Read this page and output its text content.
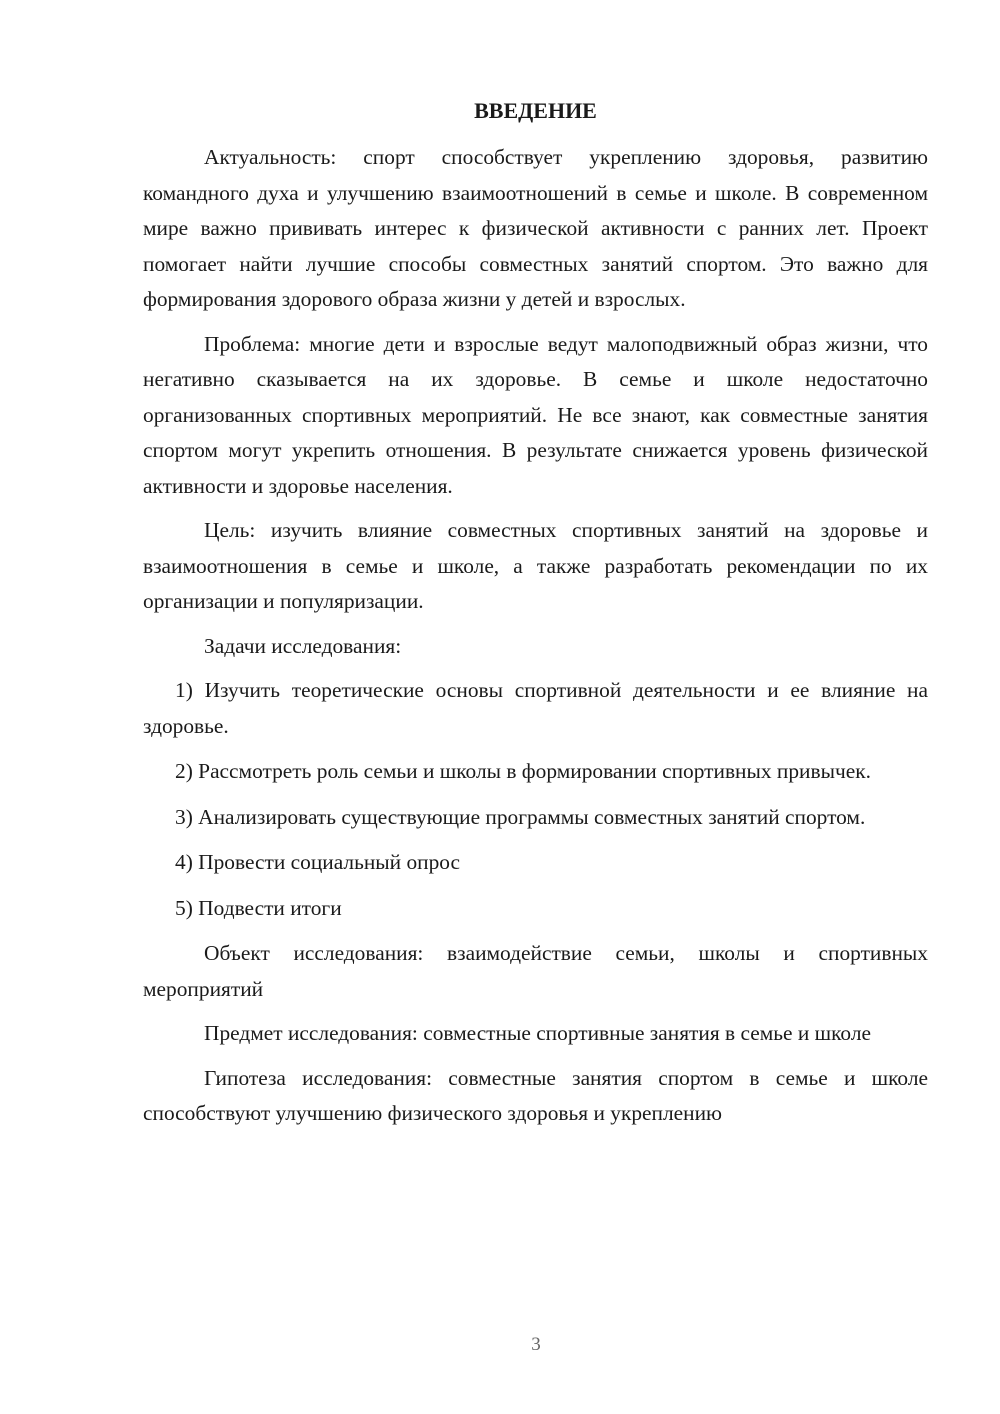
ВВЕДЕНИЕ

Актуальность: спорт способствует укреплению здоровья, развитию командного духа и улучшению взаимоотношений в семье и школе. В современном мире важно прививать интерес к физической активности с ранних лет. Проект помогает найти лучшие способы совместных занятий спортом. Это важно для формирования здорового образа жизни у детей и взрослых.

Проблема: многие дети и взрослые ведут малоподвижный образ жизни, что негативно сказывается на их здоровье. В семье и школе недостаточно организованных спортивных мероприятий. Не все знают, как совместные занятия спортом могут укрепить отношения. В результате снижается уровень физической активности и здоровье населения.

Цель: изучить влияние совместных спортивных занятий на здоровье и взаимоотношения в семье и школе, а также разработать рекомендации по их организации и популяризации.

Задачи исследования:

1) Изучить теоретические основы спортивной деятельности и ее влияние на здоровье.

2) Рассмотреть роль семьи и школы в формировании спортивных привычек.

3) Анализировать существующие программы совместных занятий спортом.

4) Провести социальный опрос

5) Подвести итоги

Объект исследования: взаимодействие семьи, школы и спортивных мероприятий

Предмет исследования: совместные спортивные занятия в семье и школе

Гипотеза исследования: совместные занятия спортом в семье и школе способствуют улучшению физического здоровья и укреплению

3
